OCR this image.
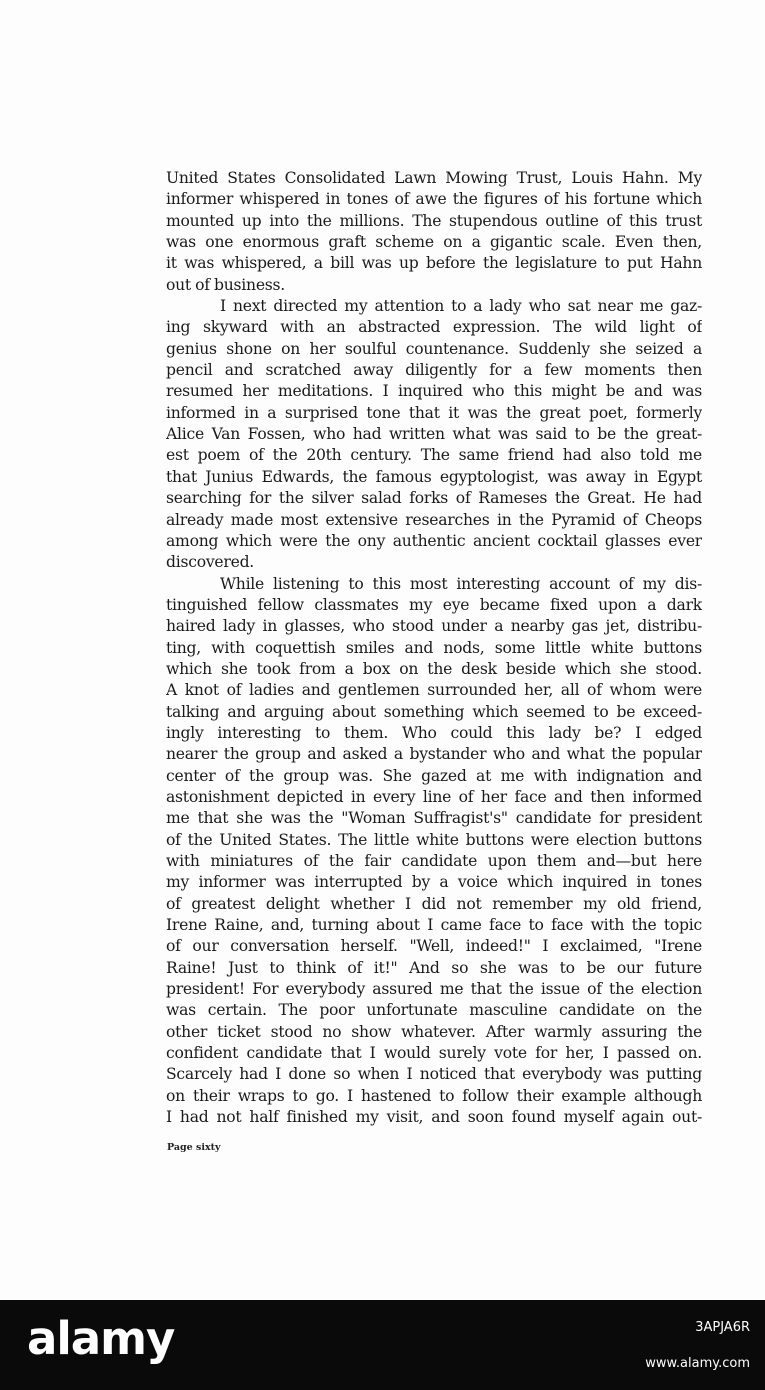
United States Consolidated Lawn Mowing Trust, Louis Hahn. My
informer whispered in tones of awe the figures of his fortune which
mounted up into the millions. The stupendous outline of this trust
was one enormous graft scheme on a gigantic scale. Even then,
it was whispered, a bill was up before the legislature to put Hahn
out of business.
I next directed my attention to a lady who sat near me gaz-
ing skyward with an abstracted expression. The wild light of
genius shone on her soulful countenance. Suddenly she seized a
pencil and scratched away diligently for a few moments then
resumed her meditations. I inquired who this might be and was
informed in a surprised tone that it was the great poet, formerly
Alice Van Fossen, who had written what was said to be the great-
est poem of the 20th century. The same friend had also told me
that Junius Edwards, the famous egyptologist, was away in Egypt
searching for the silver salad forks of Rameses the Great. He had
already made most extensive researches in the Pyramid of Cheops
among which were the ony authentic ancient cocktail glasses ever
discovered.
While listening to this most interesting account of my dis-
tinguished fellow classmates my eye became fixed upon a dark
haired lady in glasses, who stood under a nearby gas jet, distribu-
ting, with coquettish smiles and nods, some little white buttons
which she took from a box on the desk beside which she stood.
A knot of ladies and gentlemen surrounded her, all of whom were
talking and arguing about something which seemed to be exceed-
ingly interesting to them. Who could this lady be? I edged
nearer the group and asked a bystander who and what the popular
center of the group was. She gazed at me with indignation and
astonishment depicted in every line of her face and then informed
me that she was the "Woman Suffragist's" candidate for president
of the United States. The little white buttons were election buttons
with miniatures of the fair candidate upon them and—but here
my informer was interrupted by a voice which inquired in tones
of greatest delight whether I did not remember my old friend,
Irene Raine, and, turning about I came face to face with the topic
of our conversation herself. "Well, indeed!" I exclaimed, "Irene
Raine! Just to think of it!" And so she was to be our future
president! For everybody assured me that the issue of the election
was certain. The poor unfortunate masculine candidate on the
other ticket stood no show whatever. After warmly assuring the
confident candidate that I would surely vote for her, I passed on.
Scarcely had I done so when I noticed that everybody was putting
on their wraps to go. I hastened to follow their example although
I had not half finished my visit, and soon found myself again out-
Page sixty
alamy	3APJA6R
www.alamy.com
